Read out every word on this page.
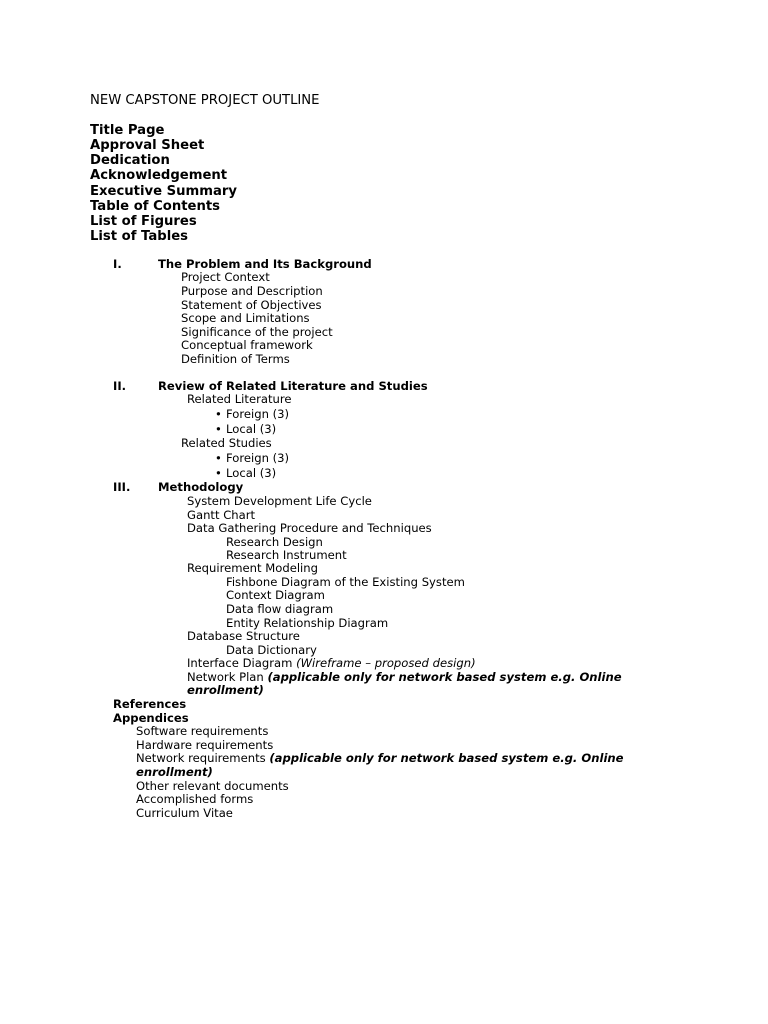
NEW CAPSTONE PROJECT OUTLINE
Title Page
Approval Sheet
Dedication
Acknowledgement
Executive Summary
Table of Contents
List of Figures
List of Tables
I.	The Problem and Its Background
Project Context
Purpose and Description
Statement of Objectives
Scope and Limitations
Significance of the project
Conceptual framework
Definition of Terms
II.	Review of Related Literature and Studies
Related Literature
• Foreign (3)
• Local (3)
Related Studies
• Foreign (3)
• Local (3)
III. Methodology
System Development Life Cycle
Gantt Chart
Data Gathering Procedure and Techniques
Research Design
Research Instrument
Requirement Modeling
Fishbone Diagram of the Existing System
Context Diagram
Data flow diagram
Entity Relationship Diagram
Database Structure
Data Dictionary
Interface Diagram (Wireframe – proposed design)
Network Plan (applicable only for network based system e.g. Online
enrollment)
References
Appendices
Software requirements
Hardware requirements
Network requirements (applicable only for network based system e.g. Online
enrollment)
Other relevant documents
Accomplished forms
Curriculum Vitae
